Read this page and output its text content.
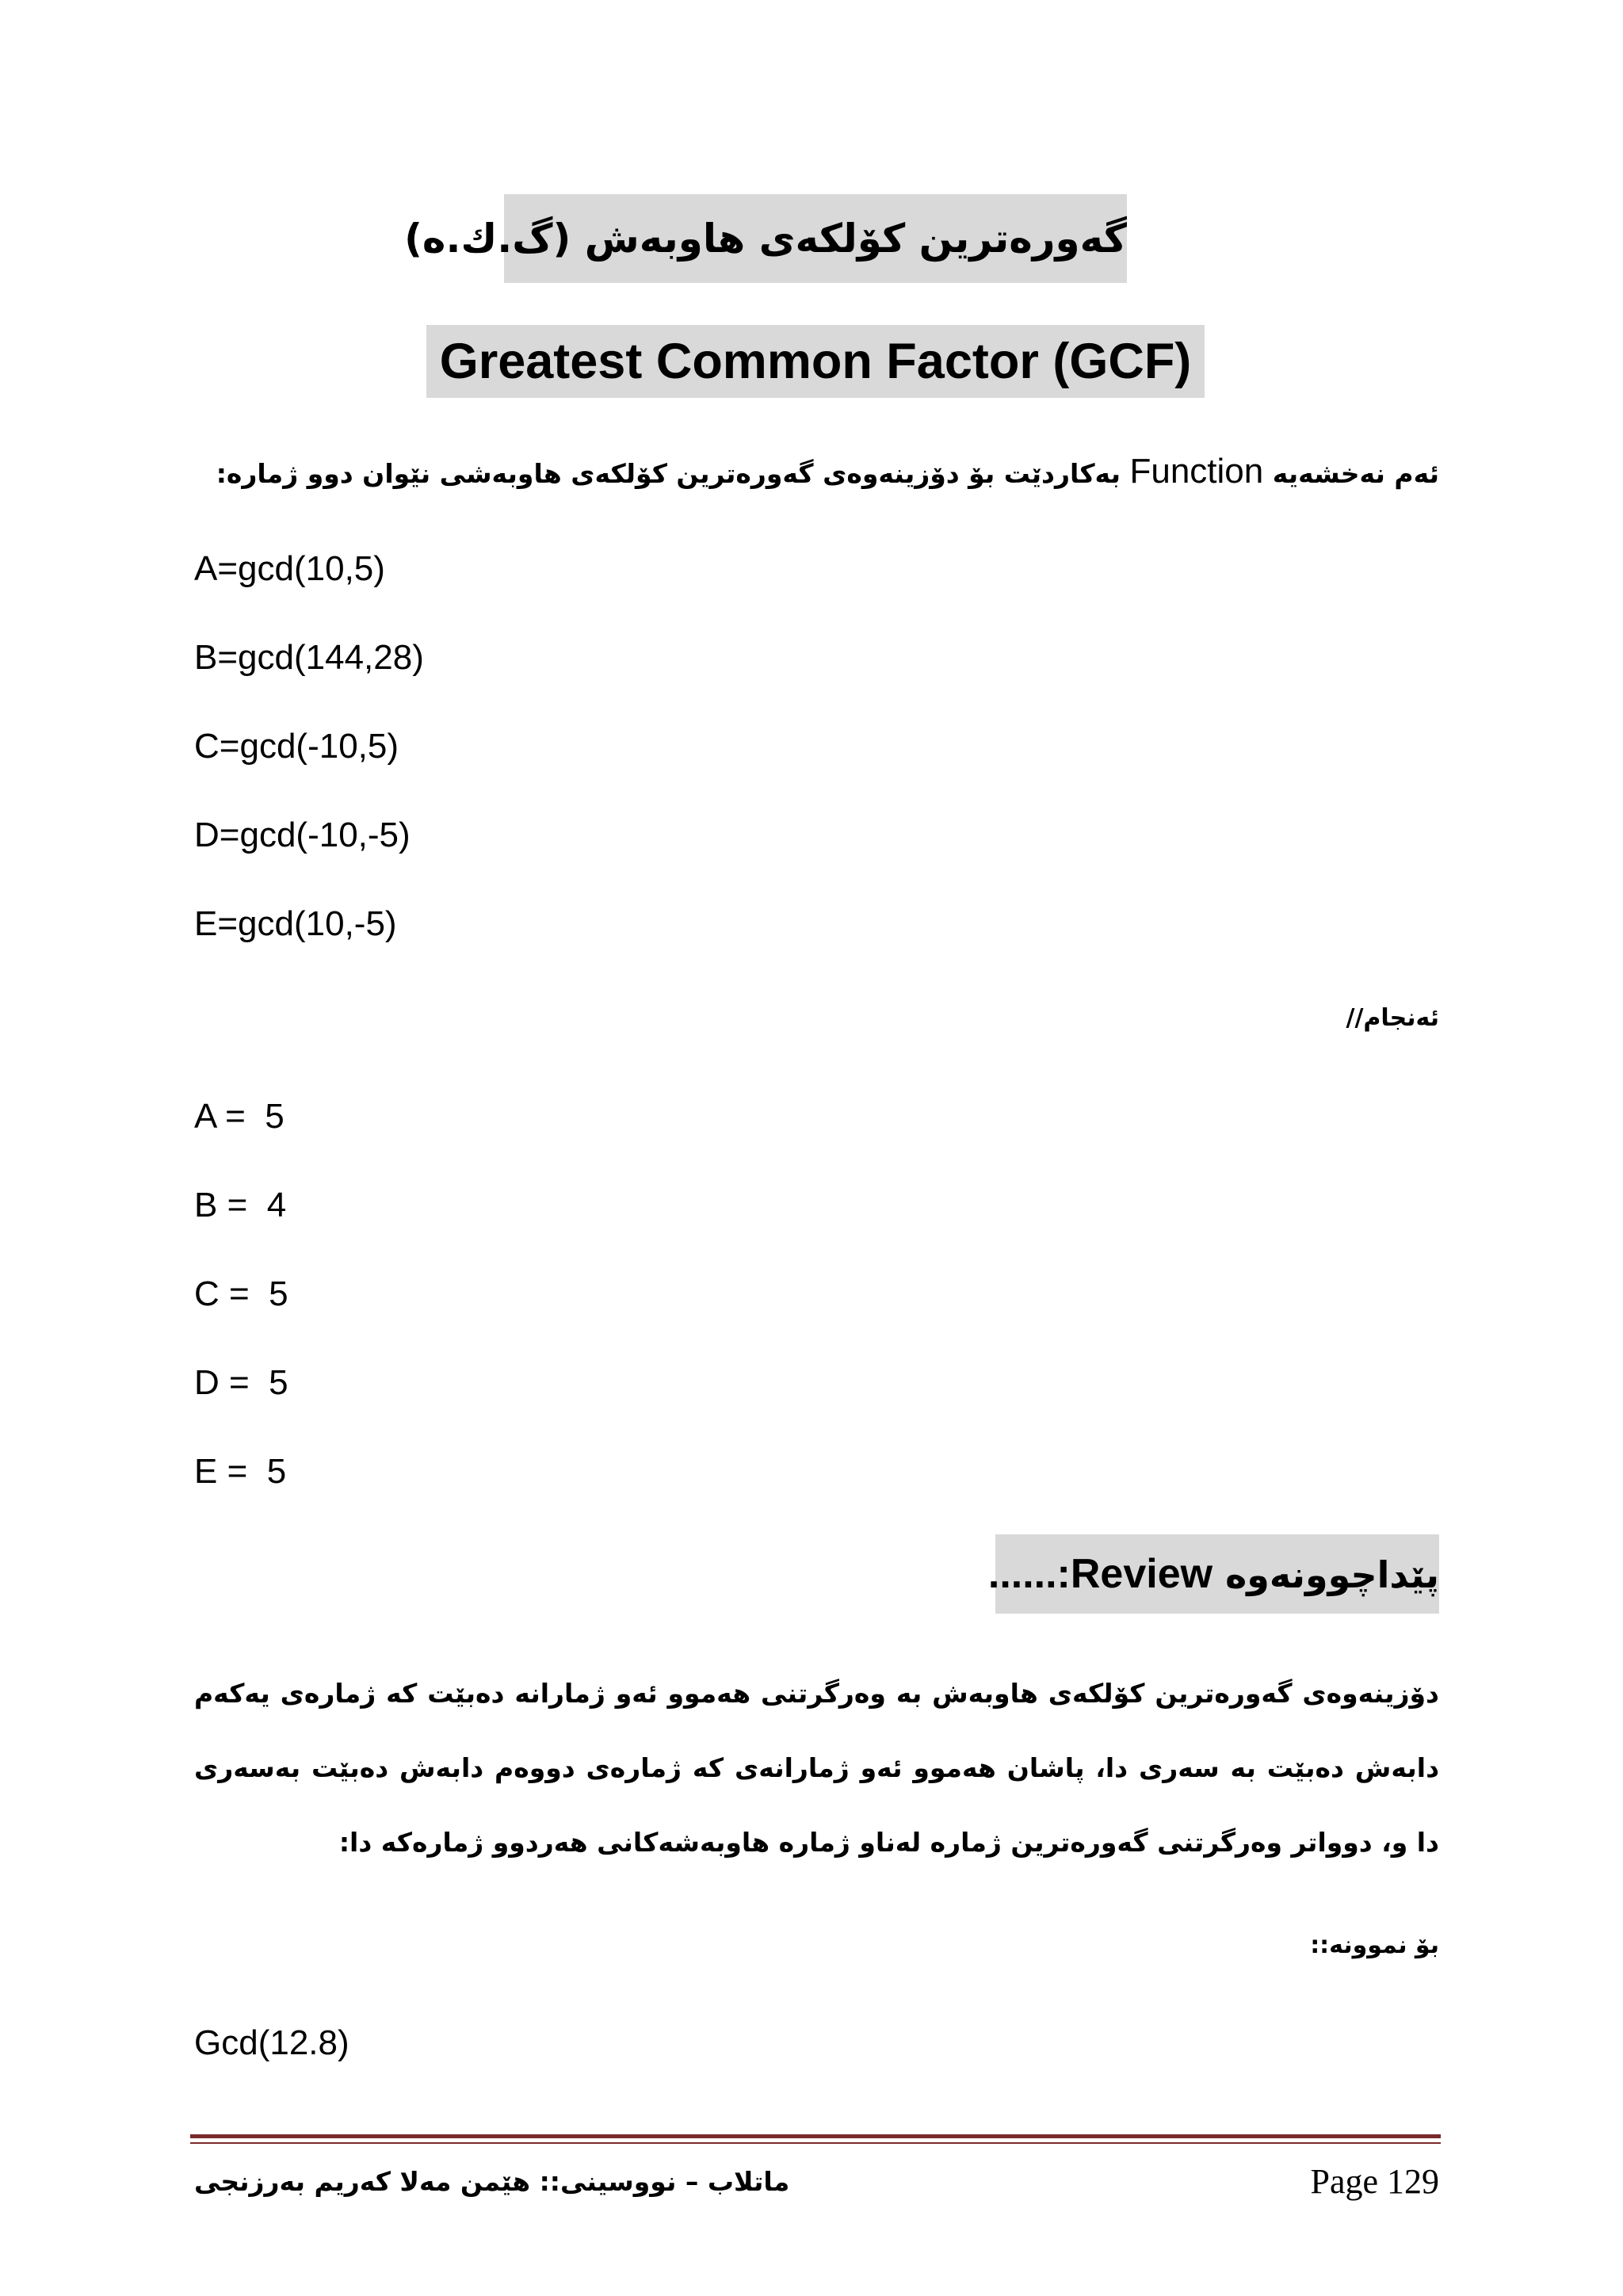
گەورەترین کۆلکەی هاوبەش (گ.ك.ه)
Greatest Common Factor (GCF)
ئەم نەخشەیە Function بەکاردێت بۆ دۆزینەوەی گەورەترین کۆلکەی هاوبەشی نێوان دوو ژمارە:
A=gcd(10,5)
B=gcd(144,28)
C=gcd(-10,5)
D=gcd(-10,-5)
E=gcd(10,-5)
ئەنجام//
A =  5
B =  4
C =  5
D =  5
E =  5
پێداچوونەوە Review:......
دۆزینەوەی گەورەترین کۆلکەی هاوبەش بە وەرگرتنی هەموو ئەو ژمارانە دەبێت کە ژمارەی یەکەم دابەش دەبێت بە سەری دا، پاشان هەموو ئەو ژمارانەی کە ژمارەی دووەم دابەش دەبێت بەسەری دا و، دوواتر وەرگرتنی گەورەترین ژمارە لەناو ژمارە هاوبەشەکانی هەردوو ژمارەکە دا:
بۆ نموونە::
Gcd(12.8)
ماتلاب – نووسینی:: هێمن مەلا کەریم بەرزنجی	Page 129
